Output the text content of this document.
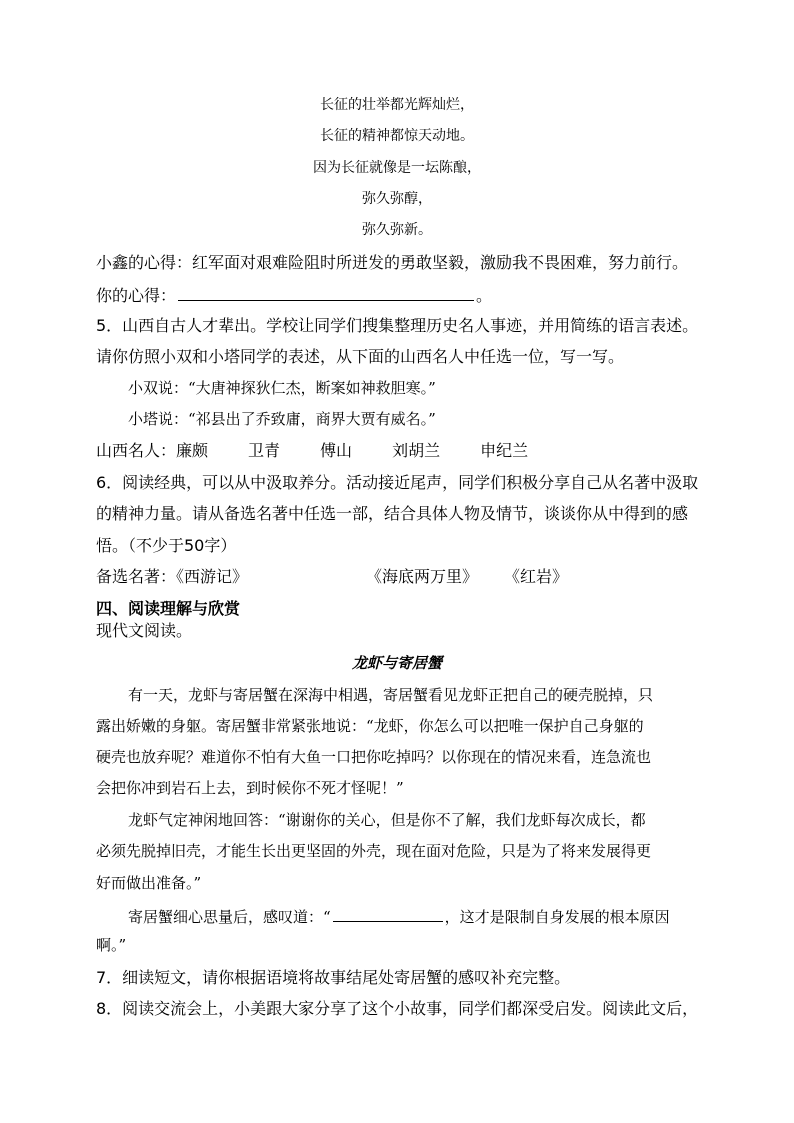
长征的壮举都光辉灿烂，
长征的精神都惊天动地。
因为长征就像是一坛陈酿，
弥久弥醇，
弥久弥新。
小鑫的心得：红军面对艰难险阻时所迸发的勇敢坚毅，激励我不畏困难，努力前行。
你的心得：	。
5．山西自古人才辈出。学校让同学们搜集整理历史名人事迹，并用简练的语言表述。
请你仿照小双和小塔同学的表述，从下面的山西名人中任选一位，写一写。
小双说：“大唐神探狄仁杰，断案如神救胆寒。”
小塔说：“祁县出了乔致庸，商界大贾有威名。”
山西名人：廉颇	卫青	傅山	刘胡兰	申纪兰
6．阅读经典，可以从中汲取养分。活动接近尾声，同学们积极分享自己从名著中汲取
的精神力量。请从备选名著中任选一部，结合具体人物及情节，谈谈你从中得到的感
悟。（不少于50字）
备选名著：《西游记》	《海底两万里》 《红岩》
四、阅读理解与欣赏
现代文阅读。
龙虾与寄居蟹
有一天，龙虾与寄居蟹在深海中相遇，寄居蟹看见龙虾正把自己的硬壳脱掉，只
露出娇嫩的身躯。寄居蟹非常紧张地说：“龙虾，你怎么可以把唯一保护自己身躯的
硬壳也放弃呢？难道你不怕有大鱼一口把你吃掉吗？以你现在的情况来看，连急流也
会把你冲到岩石上去，到时候你不死才怪呢！”
龙虾气定神闲地回答：“谢谢你的关心，但是你不了解，我们龙虾每次成长，都
必须先脱掉旧壳，才能生长出更坚固的外壳，现在面对危险，只是为了将来发展得更
好而做出准备。”
寄居蟹细心思量后，感叹道：“	，这才是限制自身发展的根本原因
啊。”
7．细读短文，请你根据语境将故事结尾处寄居蟹的感叹补充完整。
8．阅读交流会上，小美跟大家分享了这个小故事，同学们都深受启发。阅读此文后，
